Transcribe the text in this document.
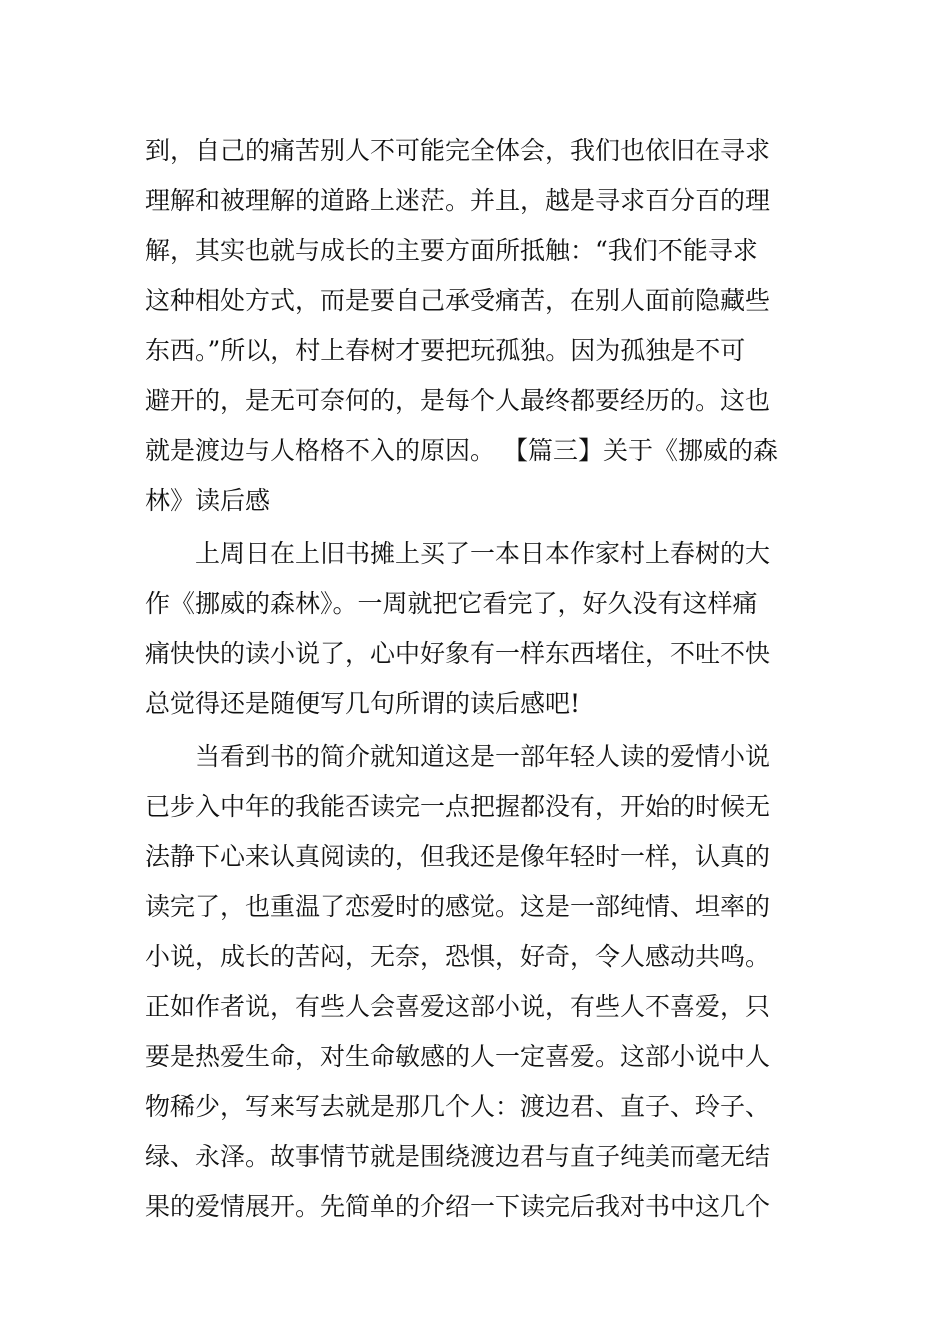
到，自己的痛苦别人不可能完全体会，我们也依旧在寻求
理解和被理解的道路上迷茫。并且，越是寻求百分百的理
解，其实也就与成长的主要方面所抵触：“我们不能寻求
这种相处方式，而是要自己承受痛苦，在别人面前隐藏些
东西。”所以，村上春树才要把玩孤独。因为孤独是不可
避开的，是无可奈何的，是每个人最终都要经历的。这也
就是渡边与人格格不入的原因。 【篇三】关于《挪威的森
林》读后感
　　上周日在上旧书摊上买了一本日本作家村上春树的大
作《挪威的森林》。一周就把它看完了，好久没有这样痛
痛快快的读小说了，心中好象有一样东西堵住，不吐不快
总觉得还是随便写几句所谓的读后感吧!
　　当看到书的简介就知道这是一部年轻人读的爱情小说
已步入中年的我能否读完一点把握都没有，开始的时候无
法静下心来认真阅读的，但我还是像年轻时一样，认真的
读完了，也重温了恋爱时的感觉。这是一部纯情、坦率的
小说，成长的苦闷，无奈，恐惧，好奇，令人感动共鸣。
正如作者说，有些人会喜爱这部小说，有些人不喜爱，只
要是热爱生命，对生命敏感的人一定喜爱。这部小说中人
物稀少，写来写去就是那几个人：渡边君、直子、玲子、
绿、永泽。故事情节就是围绕渡边君与直子纯美而毫无结
果的爱情展开。先简单的介绍一下读完后我对书中这几个
